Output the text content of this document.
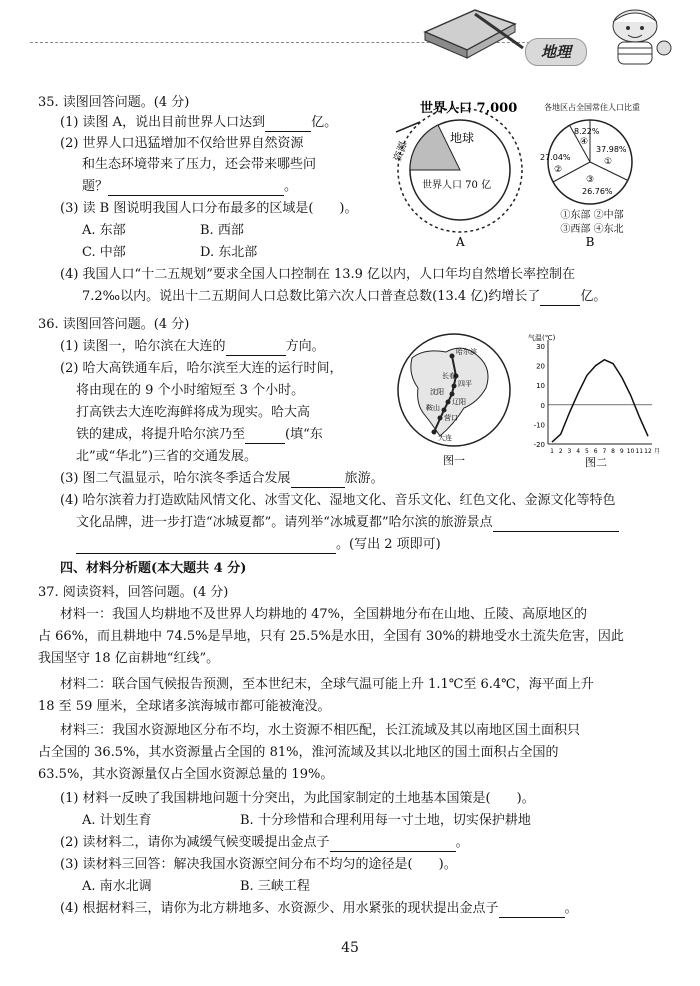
地理
35. 读图回答问题。(4 分)
(1) 读图 A，说出目前世界人口达到	亿。
(2) 世界人口迅猛增加不仅给世界自然资源
和生态环境带来了压力，还会带来哪些问
题？	。
(3) 读 B 图说明我国人口分布最多的区域是(　　)。
A. 东部	B. 西部
C. 中部	D. 东北部
(4) 我国人口“十二五规划”要求全国人口控制在 13.9 亿以内，人口年均自然增长率控制在
7.2‰以内。说出十二五期间人口总数比第六次人口普查总数(13.4 亿)约增长了	亿。
地球
世界人口 70 亿
资源
世界人口 7,000
A
各地区占全国常住人口比重
37.98%
①
27.04%
②
26.76%
③
8.22%
④
①东部 ②中部
③西部 ④东北
B
36. 读图回答问题。(4 分)
(1) 读图一，哈尔滨在大连的	方向。
(2) 哈大高铁通车后，哈尔滨至大连的运行时间，
将由现在的 9 个小时缩短至 3 个小时。
打高铁去大连吃海鲜将成为现实。哈大高
铁的建成，将提升哈尔滨乃至	(填“东
北”或“华北”)三省的交通发展。
(3) 图二气温显示，哈尔滨冬季适合发展	旅游。
(4) 哈尔滨着力打造欧陆风情文化、冰雪文化、湿地文化、音乐文化、红色文化、金源文化等特色
文化品牌，进一步打造“冰城夏都”。请列举“冰城夏都”哈尔滨的旅游景点
。(写出 2 项即可)
哈尔滨
长春
四平
沈阳
辽阳
鞍山
营口
大连
图一
气温(℃)
图二
30
20
10
0
-10
-20
1 2 3 4 5 6 7 8 9 10 11 12 月
四、材料分析题(本大题共 4 分)
37. 阅读资料，回答问题。(4 分)
材料一：我国人均耕地不及世界人均耕地的 47%，全国耕地分布在山地、丘陵、高原地区的
占 66%，而且耕地中 74.5%是旱地，只有 25.5%是水田，全国有 30%的耕地受水土流失危害，因此
我国坚守 18 亿亩耕地“红线”。
材料二：联合国气候报告预测，至本世纪末，全球气温可能上升 1.1℃至 6.4℃，海平面上升
18 至 59 厘米，全球诸多滨海城市都可能被淹没。
材料三：我国水资源地区分布不均，水土资源不相匹配，长江流域及其以南地区国土面积只
占全国的 36.5%，其水资源量占全国的 81%，淮河流域及其以北地区的国土面积占全国的
63.5%，其水资源量仅占全国水资源总量的 19%。
(1) 材料一反映了我国耕地问题十分突出，为此国家制定的土地基本国策是(　　)。
A. 计划生育	B. 十分珍惜和合理利用每一寸土地，切实保护耕地
(2) 读材料二，请你为减缓气候变暖提出金点子	。
(3) 读材料三回答：解决我国水资源空间分布不均匀的途径是(　　)。
A. 南水北调	B. 三峡工程
(4) 根据材料三，请你为北方耕地多、水资源少、用水紧张的现状提出金点子	。
45
